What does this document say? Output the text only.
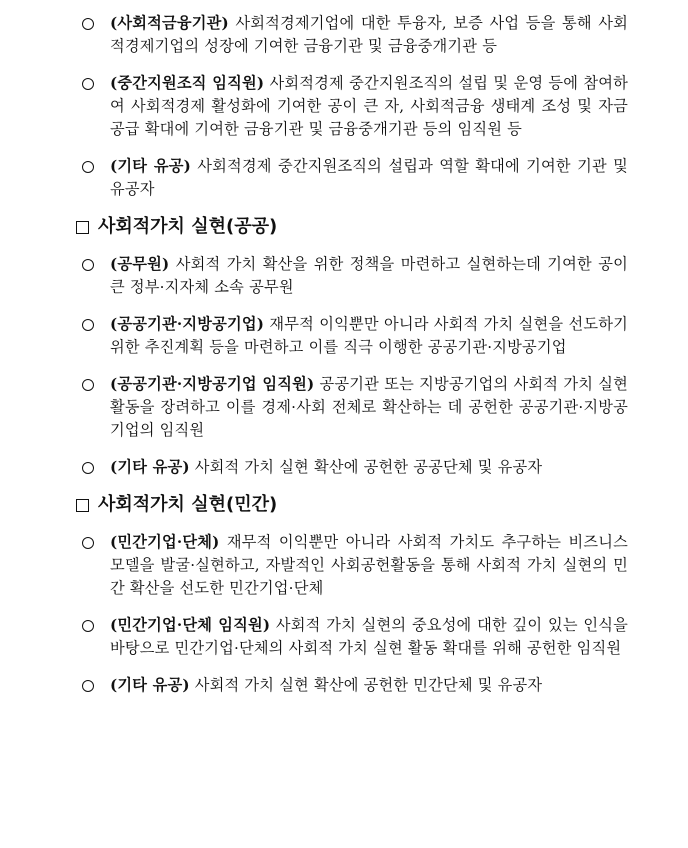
(사회적금융기관) 사회적경제기업에 대한 투융자, 보증 사업 등을 통해 사회적경제기업의 성장에 기여한 금융기관 및 금융중개기관 등
(중간지원조직 임직원) 사회적경제 중간지원조직의 설립 및 운영 등에 참여하여 사회적경제 활성화에 기여한 공이 큰 자, 사회적금융 생태계 조성 및 자금 공급 확대에 기여한 금융기관 및 금융중개기관 등의 임직원 등
(기타 유공) 사회적경제 중간지원조직의 설립과 역할 확대에 기여한 기관 및 유공자
사회적가치 실현(공공)
(공무원) 사회적 가치 확산을 위한 정책을 마련하고 실현하는데 기여한 공이 큰 정부·지자체 소속 공무원
(공공기관·지방공기업) 재무적 이익뿐만 아니라 사회적 가치 실현을 선도하기 위한 추진계획 등을 마련하고 이를 직극 이행한 공공기관·지방공기업
(공공기관·지방공기업 임직원) 공공기관 또는 지방공기업의 사회적 가치 실현 활동을 장려하고 이를 경제·사회 전체로 확산하는 데 공헌한 공공기관·지방공기업의 임직원
(기타 유공) 사회적 가치 실현 확산에 공헌한 공공단체 및 유공자
사회적가치 실현(민간)
(민간기업·단체) 재무적 이익뿐만 아니라 사회적 가치도 추구하는 비즈니스 모델을 발굴·실현하고, 자발적인 사회공헌활동을 통해 사회적 가치 실현의 민간 확산을 선도한 민간기업·단체
(민간기업·단체 임직원) 사회적 가치 실현의 중요성에 대한 깊이 있는 인식을 바탕으로 민간기업·단체의 사회적 가치 실현 활동 확대를 위해 공헌한 임직원
(기타 유공) 사회적 가치 실현 확산에 공헌한 민간단체 및 유공자
